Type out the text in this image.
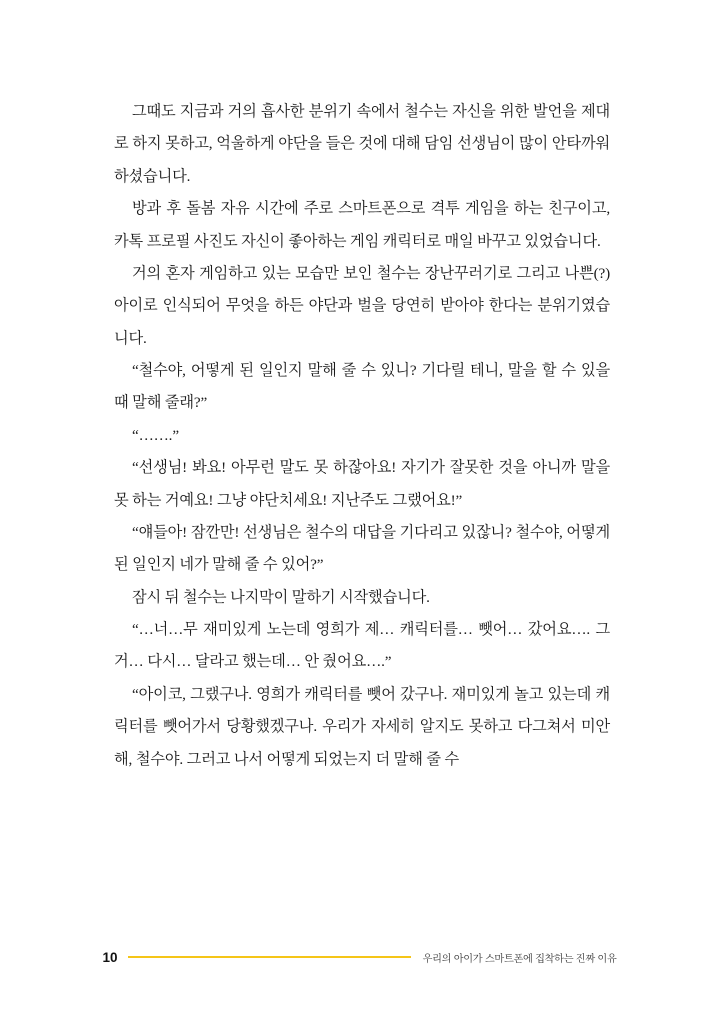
그때도 지금과 거의 흡사한 분위기 속에서 철수는 자신을 위한 발언을 제대로 하지 못하고, 억울하게 야단을 들은 것에 대해 담임 선생님이 많이 안타까워하셨습니다.

방과 후 돌봄 자유 시간에 주로 스마트폰으로 격투 게임을 하는 친구이고, 카톡 프로필 사진도 자신이 좋아하는 게임 캐릭터로 매일 바꾸고 있었습니다.

거의 혼자 게임하고 있는 모습만 보인 철수는 장난꾸러기로 그리고 나쁜(?) 아이로 인식되어 무엇을 하든 야단과 벌을 당연히 받아야 한다는 분위기였습니다.

“철수야, 어떻게 된 일인지 말해 줄 수 있니? 기다릴 테니, 말을 할 수 있을 때 말해 줄래?”

“…….”

“선생님! 봐요! 아무런 말도 못 하잖아요! 자기가 잘못한 것을 아니까 말을 못 하는 거예요! 그냥 야단치세요! 지난주도 그랬어요!”

“얘들아! 잠깐만! 선생님은 철수의 대답을 기다리고 있잖니? 철수야, 어떻게 된 일인지 네가 말해 줄 수 있어?”

잠시 뒤 철수는 나지막이 말하기 시작했습니다.

“…너…무 재미있게 노는데 영희가 제… 캐릭터를… 뺏어… 갔어요…. 그거… 다시… 달라고 했는데… 안 줬어요….”

“아이코, 그랬구나. 영희가 캐릭터를 뺏어 갔구나. 재미있게 놀고 있는데 캐릭터를 뺏어가서 당황했겠구나. 우리가 자세히 알지도 못하고 다그쳐서 미안해, 철수야. 그러고 나서 어떻게 되었는지 더 말해 줄 수

10	우리의 아이가 스마트폰에 집착하는 진짜 이유
